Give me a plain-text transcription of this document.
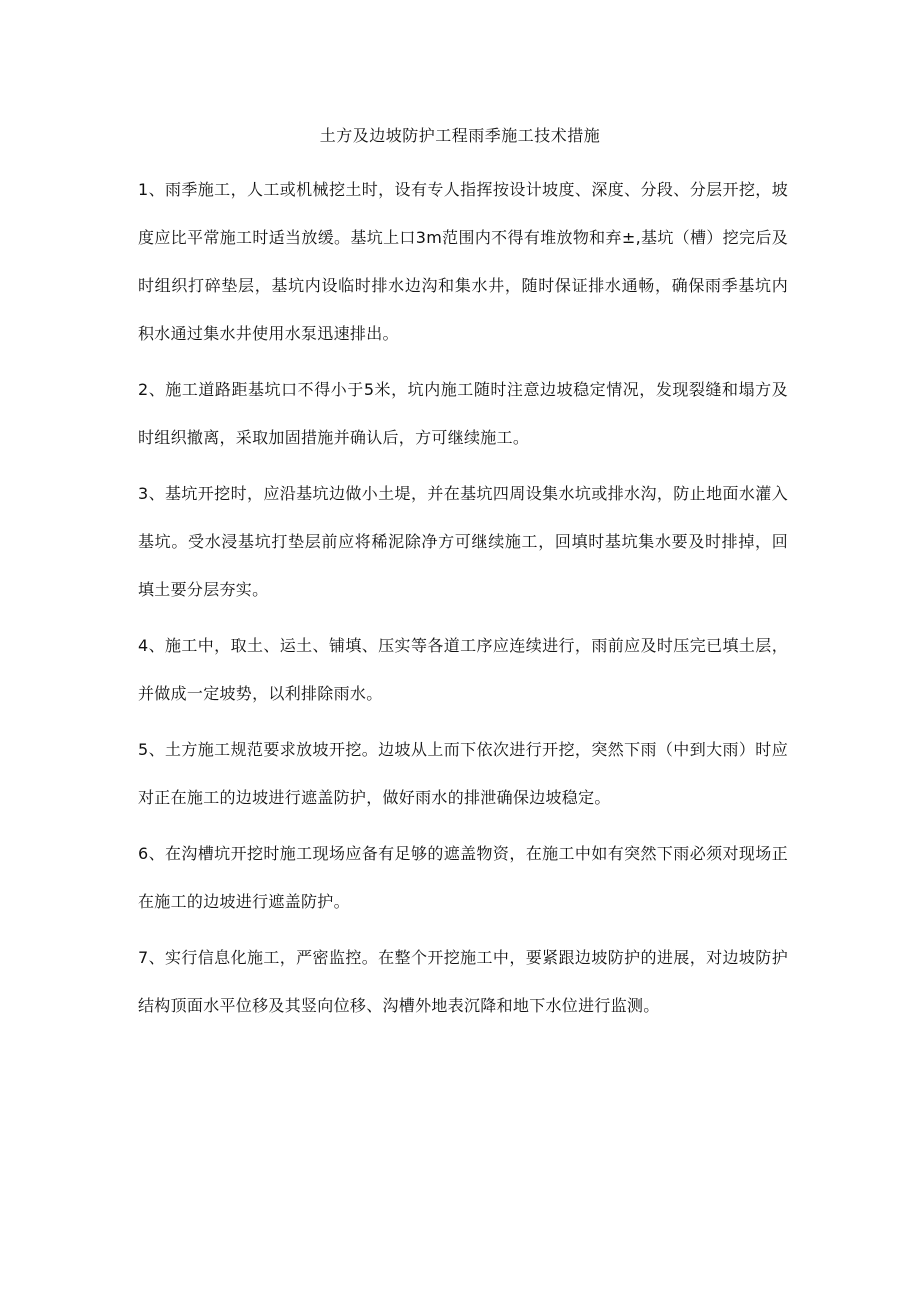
土方及边坡防护工程雨季施工技术措施

1、雨季施工，人工或机械挖土时，设有专人指挥按设计坡度、深度、分段、分层开挖，坡度应比平常施工时适当放缓。基坑上口3m范围内不得有堆放物和弃±,基坑（槽）挖完后及时组织打碎垫层，基坑内设临时排水边沟和集水井，随时保证排水通畅，确保雨季基坑内积水通过集水井使用水泵迅速排出。

2、施工道路距基坑口不得小于5米，坑内施工随时注意边坡稳定情况，发现裂缝和塌方及时组织撤离，采取加固措施并确认后，方可继续施工。

3、基坑开挖时，应沿基坑边做小土堤，并在基坑四周设集水坑或排水沟，防止地面水灌入基坑。受水浸基坑打垫层前应将稀泥除净方可继续施工，回填时基坑集水要及时排掉，回填土要分层夯实。

4、施工中，取土、运土、铺填、压实等各道工序应连续进行，雨前应及时压完已填土层，并做成一定坡势，以利排除雨水。

5、土方施工规范要求放坡开挖。边坡从上而下依次进行开挖，突然下雨（中到大雨）时应对正在施工的边坡进行遮盖防护，做好雨水的排泄确保边坡稳定。

6、在沟槽坑开挖时施工现场应备有足够的遮盖物资，在施工中如有突然下雨必须对现场正在施工的边坡进行遮盖防护。

7、实行信息化施工，严密监控。在整个开挖施工中，要紧跟边坡防护的进展，对边坡防护结构顶面水平位移及其竖向位移、沟槽外地表沉降和地下水位进行监测。
